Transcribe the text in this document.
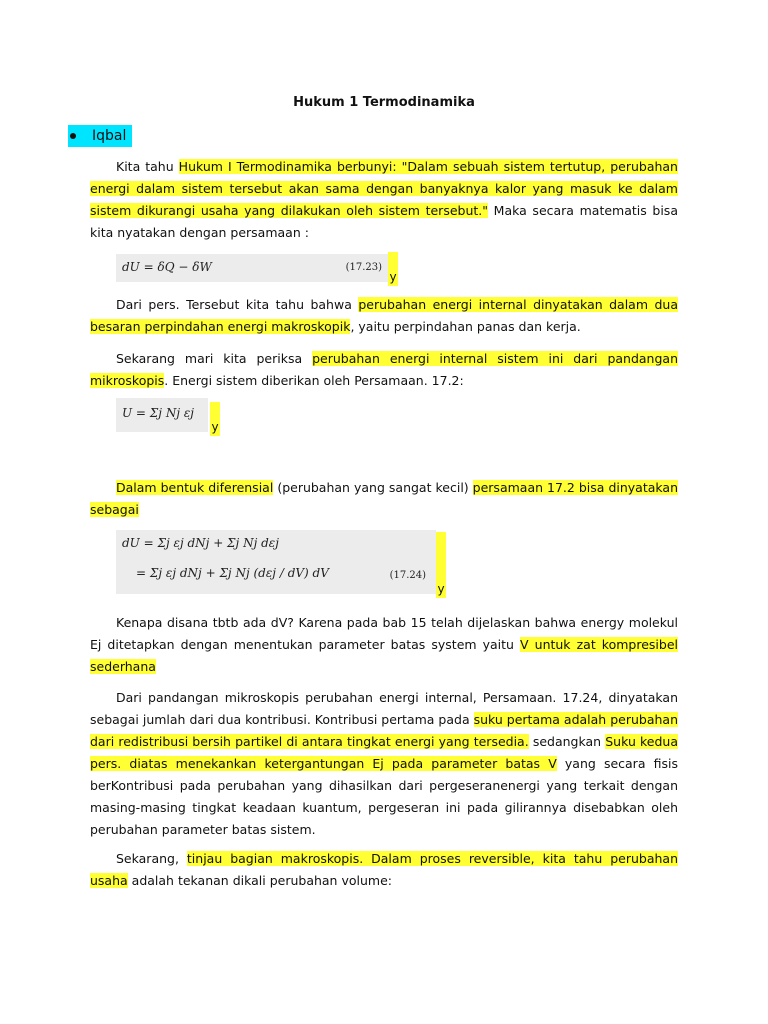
Hukum 1 Termodinamika
Iqbal
Kita tahu Hukum I Termodinamika berbunyi: "Dalam sebuah sistem tertutup, perubahan energi dalam sistem tersebut akan sama dengan banyaknya kalor yang masuk ke dalam sistem dikurangi usaha yang dilakukan oleh sistem tersebut." Maka secara matematis bisa kita nyatakan dengan persamaan :
dU = δQ − δW	(17.23)
y
Dari pers. Tersebut kita tahu bahwa perubahan energi internal dinyatakan dalam dua besaran perpindahan energi makroskopik, yaitu perpindahan panas dan kerja.
Sekarang mari kita periksa perubahan energi internal sistem ini dari pandangan mikroskopis. Energi sistem diberikan oleh Persamaan. 17.2:
U = Σj Nj εj
y
Dalam bentuk diferensial (perubahan yang sangat kecil) persamaan 17.2 bisa dinyatakan sebagai
dU = Σj εj dNj + Σj Nj dεj
= Σj εj dNj + Σj Nj (dεj / dV) dV	(17.24)
y
Kenapa disana tbtb ada dV? Karena pada bab 15 telah dijelaskan bahwa energy molekul Ej ditetapkan dengan menentukan parameter batas system yaitu V untuk zat kompresibel sederhana
Dari pandangan mikroskopis perubahan energi internal, Persamaan. 17.24, dinyatakan sebagai jumlah dari dua kontribusi. Kontribusi pertama pada suku pertama adalah perubahan dari redistribusi bersih partikel di antara tingkat energi yang tersedia. sedangkan Suku kedua pers. diatas menekankan ketergantungan Ej pada parameter batas V yang secara fisis berKontribusi pada perubahan yang dihasilkan dari pergeseranenergi yang terkait dengan masing-masing tingkat keadaan kuantum, pergeseran ini pada gilirannya disebabkan oleh perubahan parameter batas sistem.
Sekarang, tinjau bagian makroskopis. Dalam proses reversible, kita tahu perubahan usaha adalah tekanan dikali perubahan volume:
